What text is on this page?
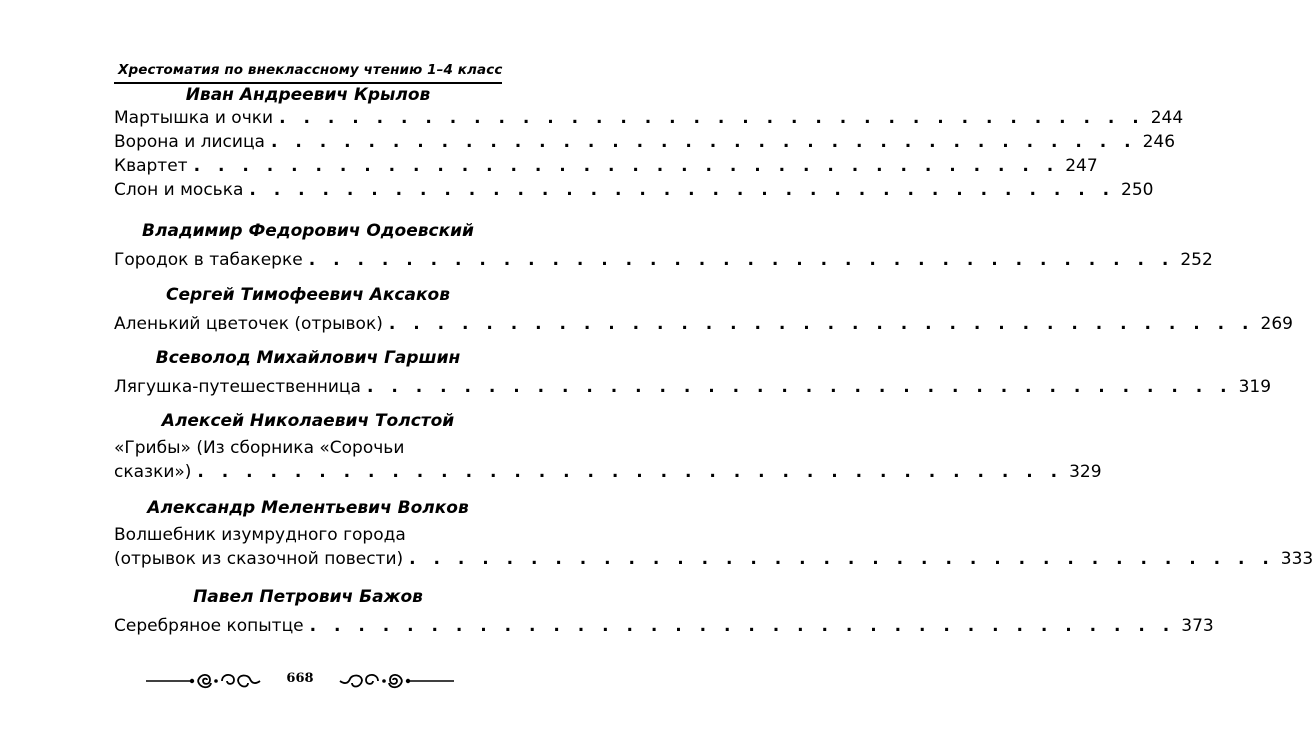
Хрестоматия по внеклассному чтению 1–4 класс
Иван Андреевич Крылов
Мартышка и очки . . . . . . . . . . . . . . . . . . . . . . . . . . . . . . . . . . . . 244
Ворона и лисица . . . . . . . . . . . . . . . . . . . . . . . . . . . . . . . . . . . . 246
Квартет . . . . . . . . . . . . . . . . . . . . . . . . . . . . . . . . . . . . 247
Слон и моська . . . . . . . . . . . . . . . . . . . . . . . . . . . . . . . . . . . . 250
Владимир Федорович Одоевский
Городок в табакерке . . . . . . . . . . . . . . . . . . . . . . . . . . . . . . . . . . . . 252
Сергей Тимофеевич Аксаков
Аленький цветочек (отрывок) . . . . . . . . . . . . . . . . . . . . . . . . . . . . . . . . . . . . 269
Всеволод Михайлович Гаршин
Лягушка-путешественница . . . . . . . . . . . . . . . . . . . . . . . . . . . . . . . . . . . . 319
Алексей Николаевич Толстой
«Грибы» (Из сборника «Сорочьи
сказки») . . . . . . . . . . . . . . . . . . . . . . . . . . . . . . . . . . . . 329
Александр Мелентьевич Волков
Волшебник изумрудного города
(отрывок из сказочной повести) . . . . . . . . . . . . . . . . . . . . . . . . . . . . . . . . . . . . 333
Павел Петрович Бажов
Серебряное копытце . . . . . . . . . . . . . . . . . . . . . . . . . . . . . . . . . . . . 373
668
